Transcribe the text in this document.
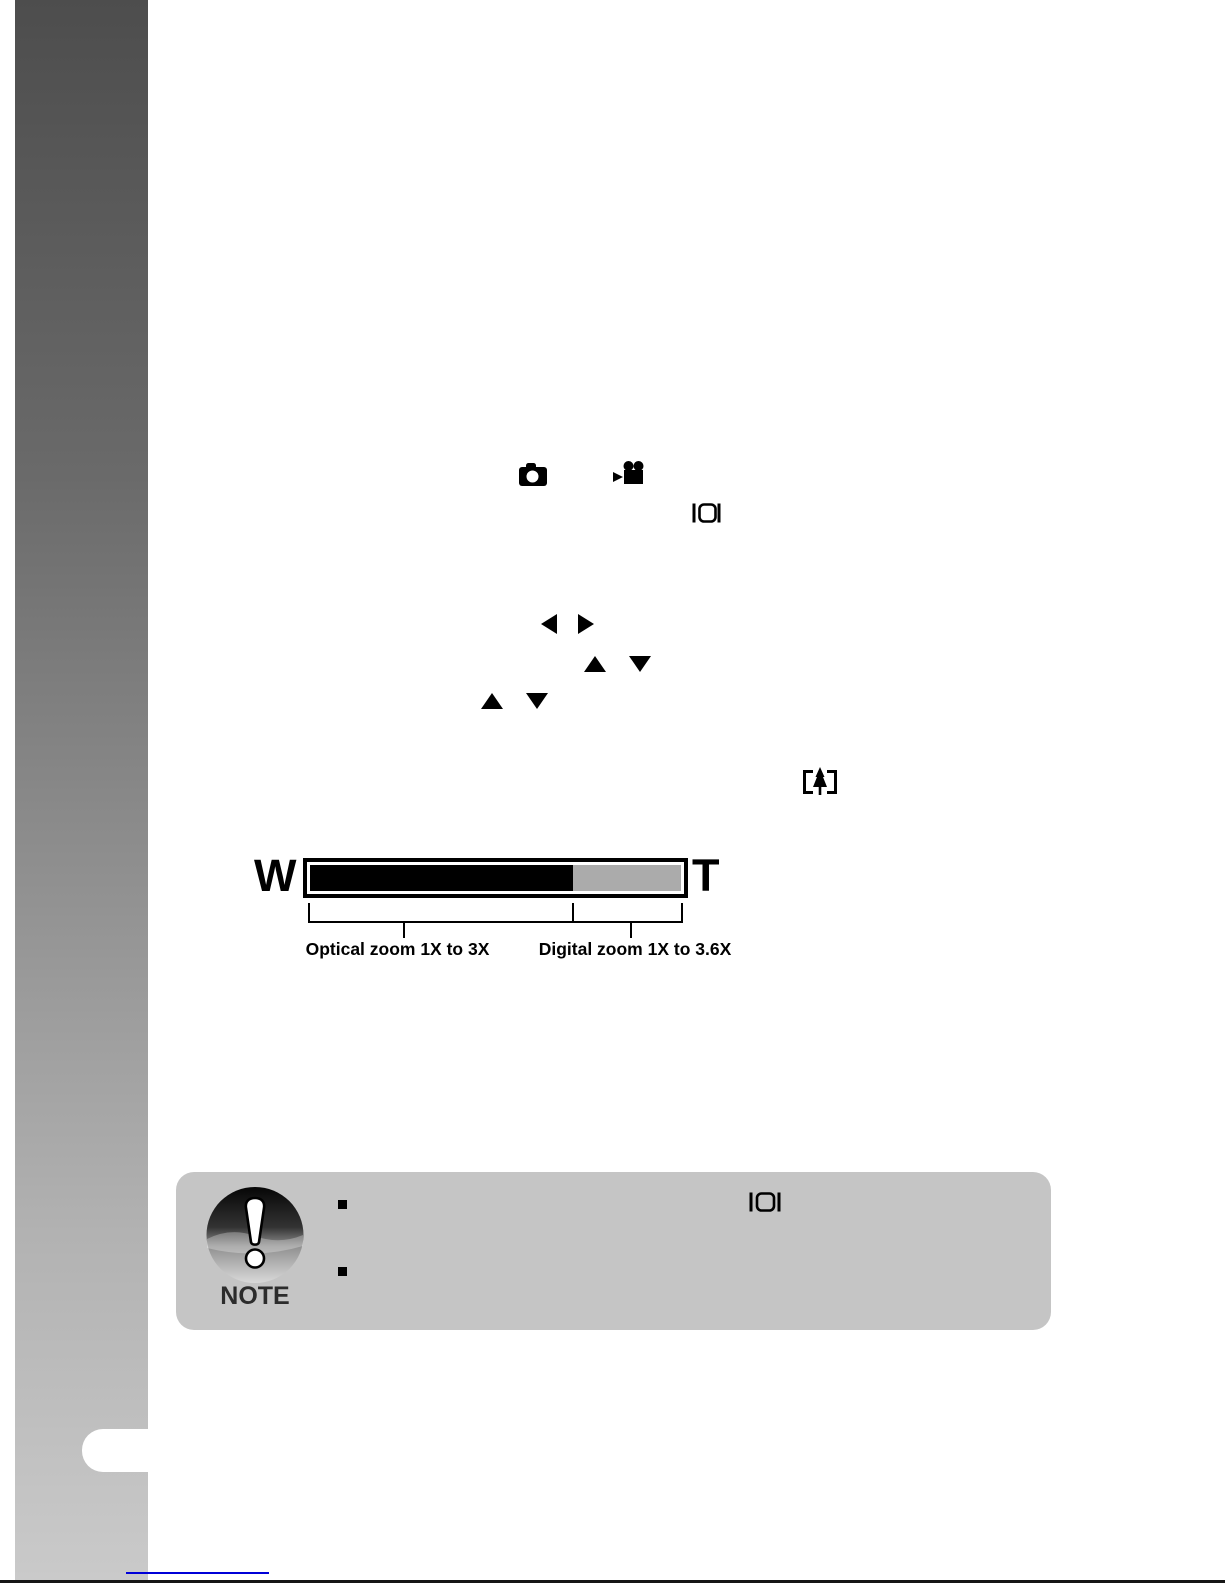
W	T
Optical zoom 1X to 3X	Digital zoom 1X to 3.6X
NOTE
